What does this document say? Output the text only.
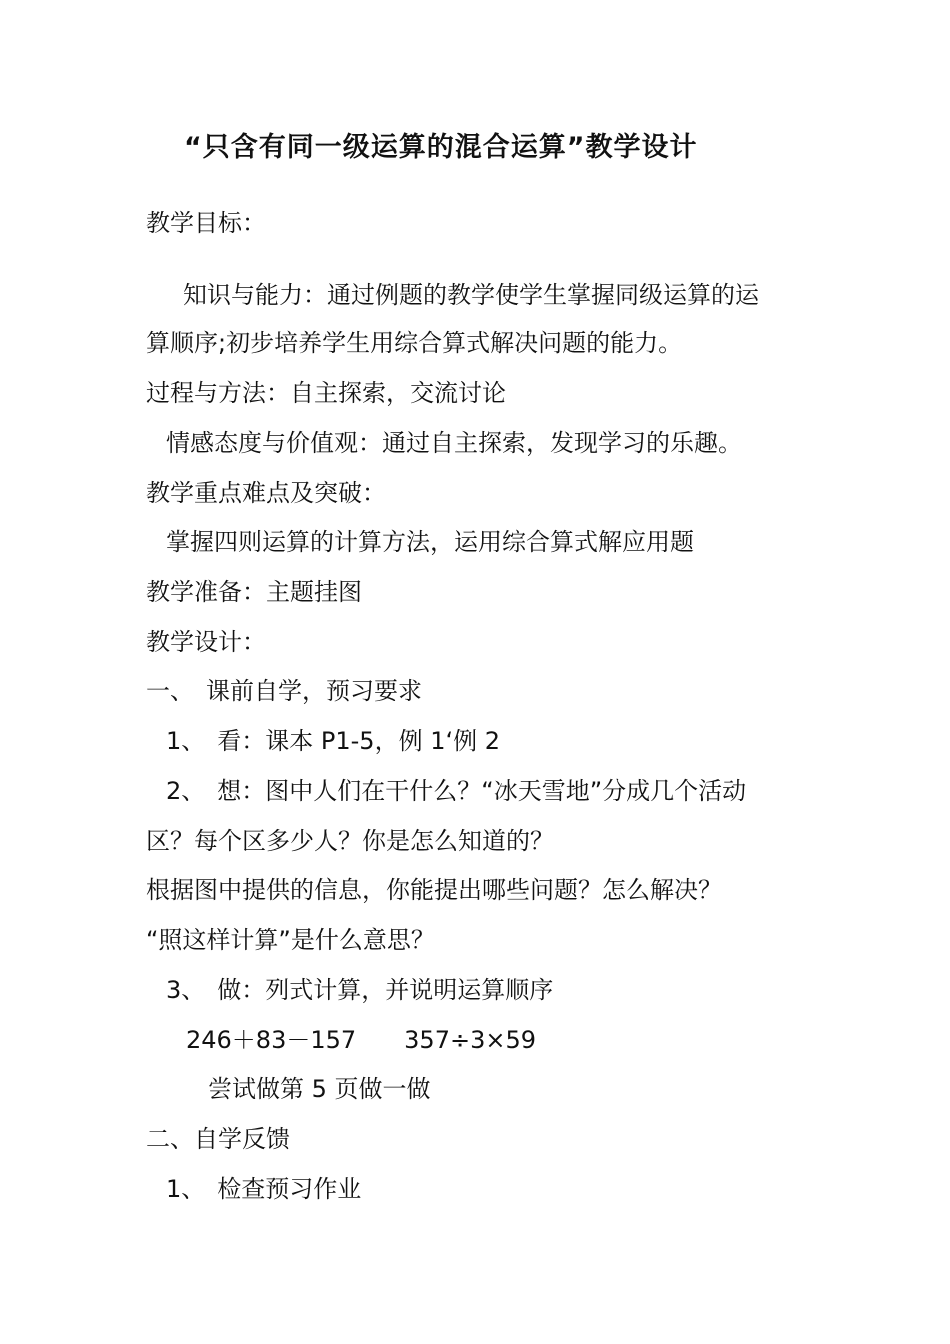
“只含有同一级运算的混合运算”教学设计
教学目标：
知识与能力：通过例题的教学使学生掌握同级运算的运
算顺序;初步培养学生用综合算式解决问题的能力。
过程与方法：自主探索，交流讨论
情感态度与价值观：通过自主探索，发现学习的乐趣。
教学重点难点及突破：
掌握四则运算的计算方法，运用综合算式解应用题
教学准备：主题挂图
教学设计：
一、　课前自学，预习要求
1、　看：课本 P1-5，例 1‘例 2
2、　想：图中人们在干什么？“冰天雪地”分成几个活动
区？每个区多少人？你是怎么知道的？
根据图中提供的信息，你能提出哪些问题？怎么解决？
“照这样计算”是什么意思？
3、　做：列式计算，并说明运算顺序
246＋83－157　　357÷3×59
尝试做第 5 页做一做
二、自学反馈
1、　检查预习作业
